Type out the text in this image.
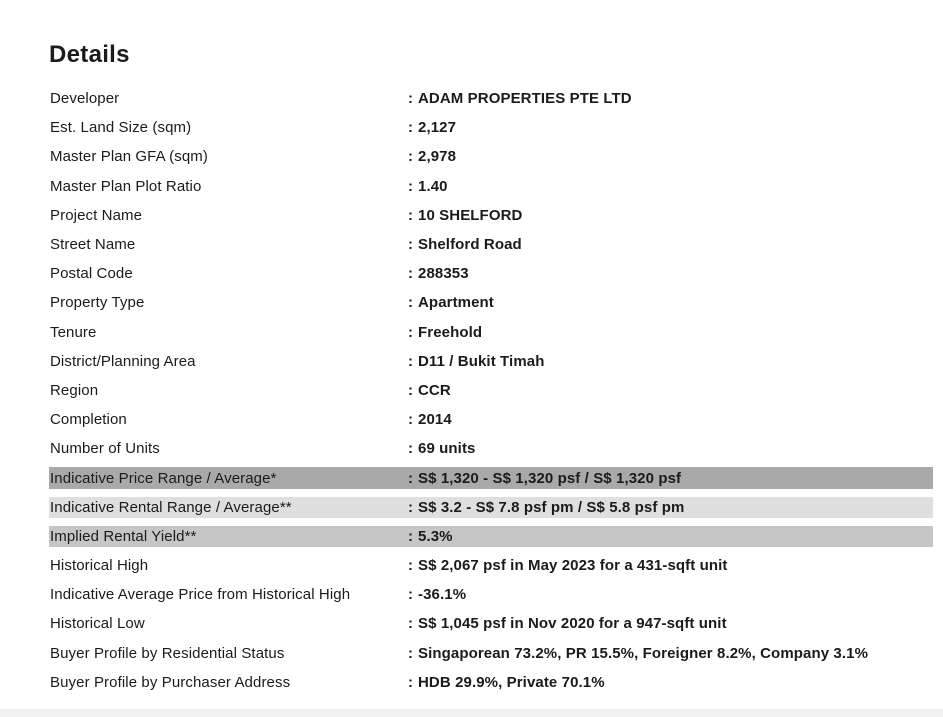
Details
Developer	: ADAM PROPERTIES PTE LTD
Est. Land Size (sqm)	: 2,127
Master Plan GFA (sqm)	: 2,978
Master Plan Plot Ratio	: 1.40
Project Name	: 10 SHELFORD
Street Name	: Shelford Road
Postal Code	: 288353
Property Type	: Apartment
Tenure	: Freehold
District/Planning Area	: D11 / Bukit Timah
Region	: CCR
Completion	: 2014
Number of Units	: 69 units
Indicative Price Range / Average*	: S$ 1,320 - S$ 1,320 psf / S$ 1,320 psf
Indicative Rental Range / Average**	: S$ 3.2 - S$ 7.8 psf pm / S$ 5.8 psf pm
Implied Rental Yield**	: 5.3%
Historical High	: S$ 2,067 psf in May 2023 for a 431-sqft unit
Indicative Average Price from Historical High	: -36.1%
Historical Low	: S$ 1,045 psf in Nov 2020 for a 947-sqft unit
Buyer Profile by Residential Status	: Singaporean 73.2%, PR 15.5%, Foreigner 8.2%, Company 3.1%
Buyer Profile by Purchaser Address	: HDB 29.9%, Private 70.1%
